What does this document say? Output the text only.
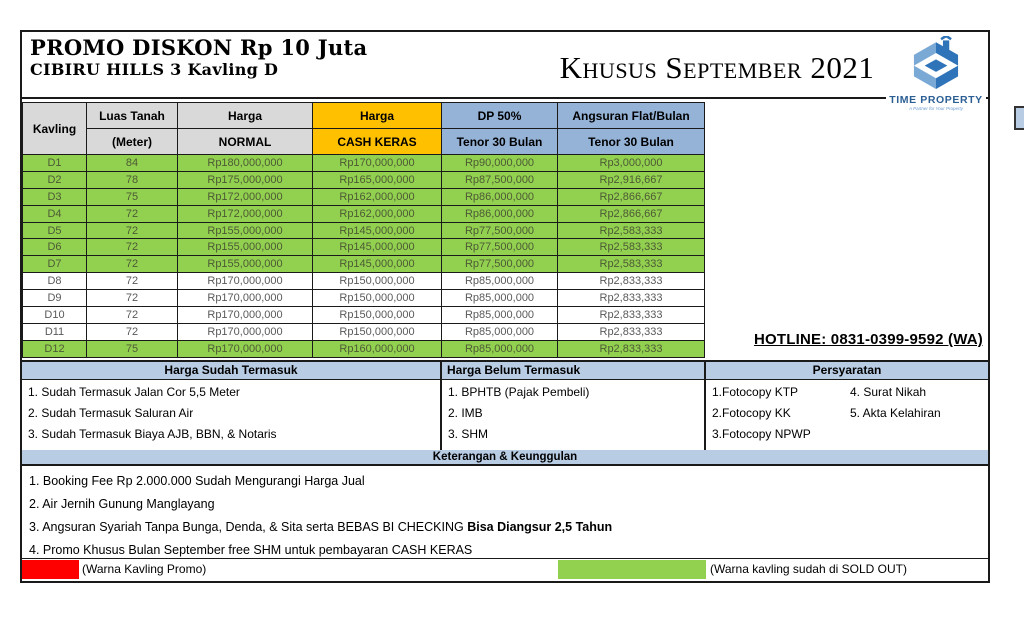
PROMO DISKON Rp 10 Juta
CIBIRU HILLS 3 Kavling D	Khusus September 2021
TIME PROPERTY
A Partner for Your Property
Kavling	Luas Tanah	Harga	Harga	DP 50%	Angsuran Flat/Bulan
	(Meter)	NORMAL	CASH KERAS	Tenor 30 Bulan	Tenor 30 Bulan
D1	84	Rp180,000,000	Rp170,000,000	Rp90,000,000	Rp3,000,000
D2	78	Rp175,000,000	Rp165,000,000	Rp87,500,000	Rp2,916,667
D3	75	Rp172,000,000	Rp162,000,000	Rp86,000,000	Rp2,866,667
D4	72	Rp172,000,000	Rp162,000,000	Rp86,000,000	Rp2,866,667
D5	72	Rp155,000,000	Rp145,000,000	Rp77,500,000	Rp2,583,333
D6	72	Rp155,000,000	Rp145,000,000	Rp77,500,000	Rp2,583,333
D7	72	Rp155,000,000	Rp145,000,000	Rp77,500,000	Rp2,583,333
D8	72	Rp170,000,000	Rp150,000,000	Rp85,000,000	Rp2,833,333
D9	72	Rp170,000,000	Rp150,000,000	Rp85,000,000	Rp2,833,333
D10	72	Rp170,000,000	Rp150,000,000	Rp85,000,000	Rp2,833,333
D11	72	Rp170,000,000	Rp150,000,000	Rp85,000,000	Rp2,833,333
D12	75	Rp170,000,000	Rp160,000,000	Rp85,000,000	Rp2,833,333
HOTLINE: 0831-0399-9592 (WA)
Harga Sudah Termasuk
1. Sudah Termasuk Jalan Cor 5,5 Meter
2. Sudah Termasuk Saluran Air
3. Sudah Termasuk Biaya AJB, BBN, & Notaris
Harga Belum Termasuk
1. BPHTB (Pajak Pembeli)
2. IMB
3. SHM
Persyaratan
1.Fotocopy KTP
2.Fotocopy KK
3.Fotocopy NPWP
4. Surat Nikah
5. Akta Kelahiran
Keterangan & Keunggulan
1. Booking Fee Rp 2.000.000 Sudah Mengurangi Harga Jual
2. Air Jernih Gunung Manglayang
3. Angsuran Syariah Tanpa Bunga, Denda, & Sita serta BEBAS BI CHECKING Bisa Diangsur 2,5 Tahun
4. Promo Khusus Bulan September free SHM untuk pembayaran CASH KERAS
(Warna Kavling Promo)	(Warna kavling sudah di SOLD OUT)
